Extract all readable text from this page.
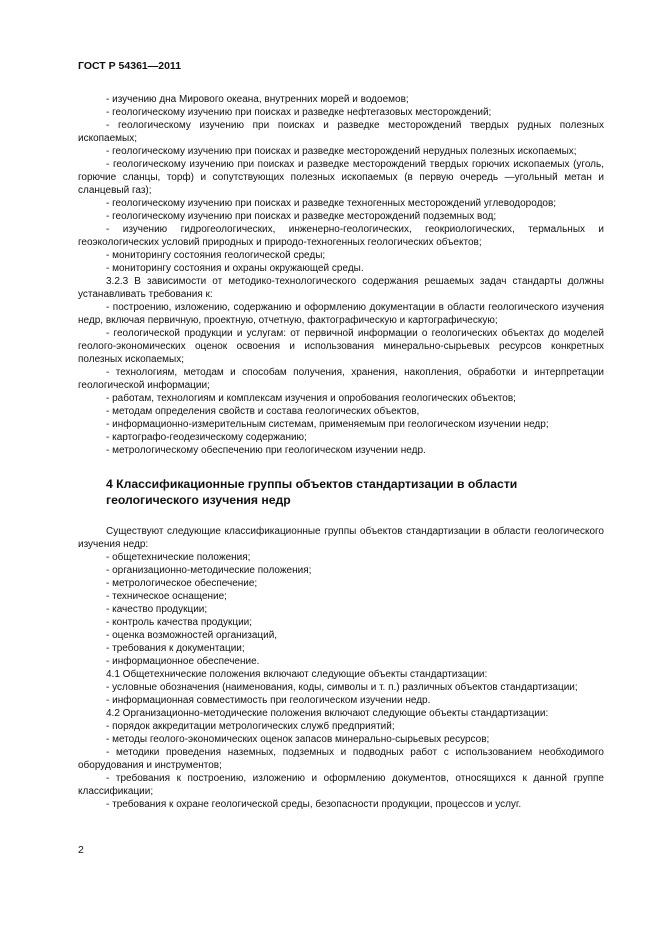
ГОСТ Р 54361—2011

- изучению дна Мирового океана, внутренних морей и водоемов;

- геологическому изучению при поисках и разведке нефтегазовых месторождений;

- геологическому изучению при поисках и разведке месторождений твердых рудных полезных ископаемых;

- геологическому изучению при поисках и разведке месторождений нерудных полезных ископаемых;

- геологическому изучению при поисках и разведке месторождений твердых горючих ископаемых (уголь, горючие сланцы, торф) и сопутствующих полезных ископаемых (в первую очередь —угольный метан и сланцевый газ);

- геологическому изучению при поисках и разведке техногенных месторождений углеводородов;

- геологическому изучению при поисках и разведке месторождений подземных вод;

- изучению гидрогеологических, инженерно-геологических, геокриологических, термальных и геоэкологических условий природных и природо-техногенных геологических объектов;

- мониторингу состояния геологической среды;

- мониторингу состояния и охраны окружающей среды.

3.2.3 В зависимости от методико-технологического содержания решаемых задач стандарты должны устанавливать требования к:

- построению, изложению, содержанию и оформлению документации в области геологического изучения недр, включая первичную, проектную, отчетную, фактографическую и картографическую;

- геологической продукции и услугам: от первичной информации о геологических объектах до моделей геолого-экономических оценок освоения и использования минерально-сырьевых ресурсов конкретных полезных ископаемых;

- технологиям, методам и способам получения, хранения, накопления, обработки и интерпретации геологической информации;

- работам, технологиям и комплексам изучения и опробования геологических объектов;

- методам определения свойств и состава геологических объектов,

- информационно-измерительным системам, применяемым при геологическом изучении недр;

- картографо-геодезическому содержанию;

- метрологическому обеспечению при геологическом изучении недр.

4 Классификационные группы объектов стандартизации в области геологического изучения недр

Существуют следующие классификационные группы объектов стандартизации в области геологического изучения недр:

- общетехнические положения;

- организационно-методические положения;

- метрологическое обеспечение;

- техническое оснащение;

- качество продукции;

- контроль качества продукции;

- оценка возможностей организаций,

- требования к документации;

- информационное обеспечение.

4.1 Общетехнические положения включают следующие объекты стандартизации:

- условные обозначения (наименования, коды, символы и т. п.) различных объектов стандартизации;

- информационная совместимость при геологическом изучении недр.

4.2 Организационно-методические положения включают следующие объекты стандартизации:

- порядок аккредитации метрологических служб предприятий;

- методы геолого-экономических оценок запасов минерально-сырьевых ресурсов;

- методики проведения наземных, подземных и подводных работ с использованием необходимого оборудования и инструментов;

- требования к построению, изложению и оформлению документов, относящихся к данной группе классификации;

- требования к охране геологической среды, безопасности продукции, процессов и услуг.

2
